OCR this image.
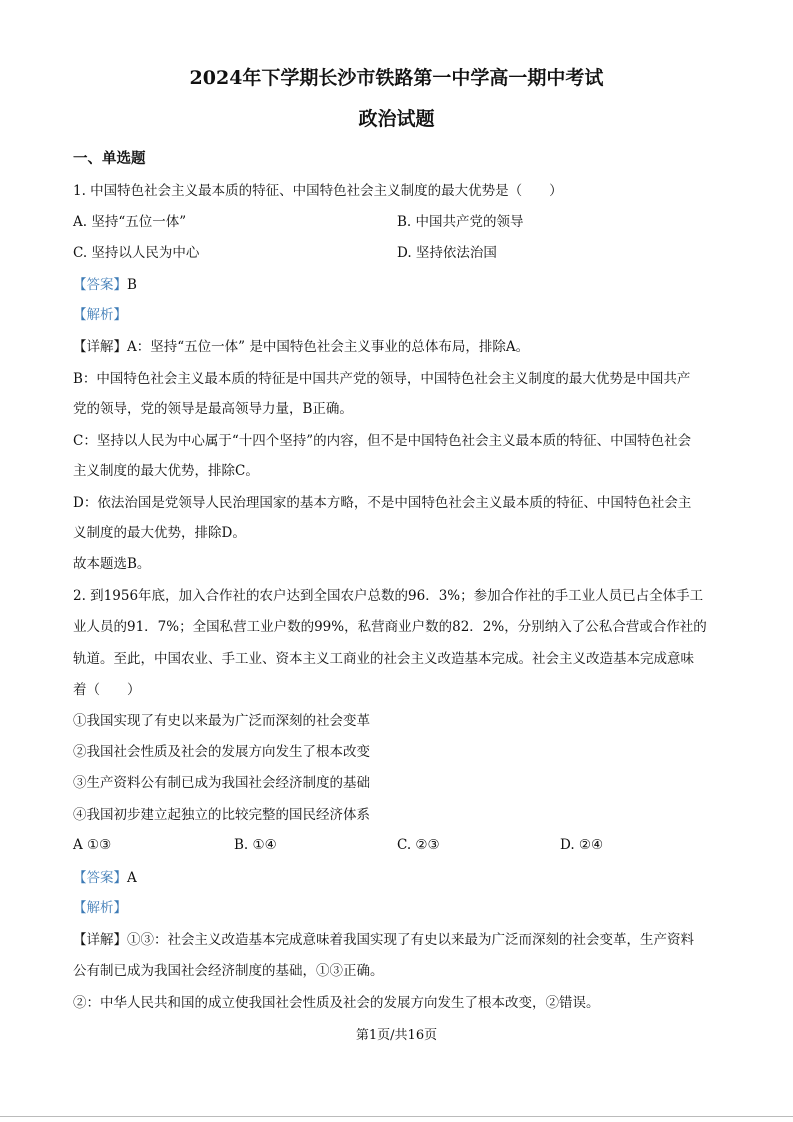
2024年下学期长沙市铁路第一中学高一期中考试
政治试题
一、单选题
1. 中国特色社会主义最本质的特征、中国特色社会主义制度的最大优势是（　　）
A. 坚持“五位一体”	B. 中国共产党的领导
C. 坚持以人民为中心	D. 坚持依法治国
【答案】B
【解析】
【详解】A：坚持“五位一体” 是中国特色社会主义事业的总体布局，排除A。
B：中国特色社会主义最本质的特征是中国共产党的领导，中国特色社会主义制度的最大优势是中国共产
党的领导，党的领导是最高领导力量，B正确。
C：坚持以人民为中心属于“十四个坚持”的内容，但不是中国特色社会主义最本质的特征、中国特色社会
主义制度的最大优势，排除C。
D：依法治国是党领导人民治理国家的基本方略，不是中国特色社会主义最本质的特征、中国特色社会主
义制度的最大优势，排除D。
故本题选B。
2. 到1956年底，加入合作社的农户达到全国农户总数的96．3%；参加合作社的手工业人员已占全体手工
业人员的91．7%；全国私营工业户数的99%，私营商业户数的82．2%，分别纳入了公私合营或合作社的
轨道。至此，中国农业、手工业、资本主义工商业的社会主义改造基本完成。社会主义改造基本完成意味
着（　　）
①我国实现了有史以来最为广泛而深刻的社会变革
②我国社会性质及社会的发展方向发生了根本改变
③生产资料公有制已成为我国社会经济制度的基础
④我国初步建立起独立的比较完整的国民经济体系
A ①③	B. ①④	C. ②③	D. ②④
【答案】A
【解析】
【详解】①③：社会主义改造基本完成意味着我国实现了有史以来最为广泛而深刻的社会变革，生产资料
公有制已成为我国社会经济制度的基础，①③正确。
②：中华人民共和国的成立使我国社会性质及社会的发展方向发生了根本改变，②错误。
第1页/共16页
